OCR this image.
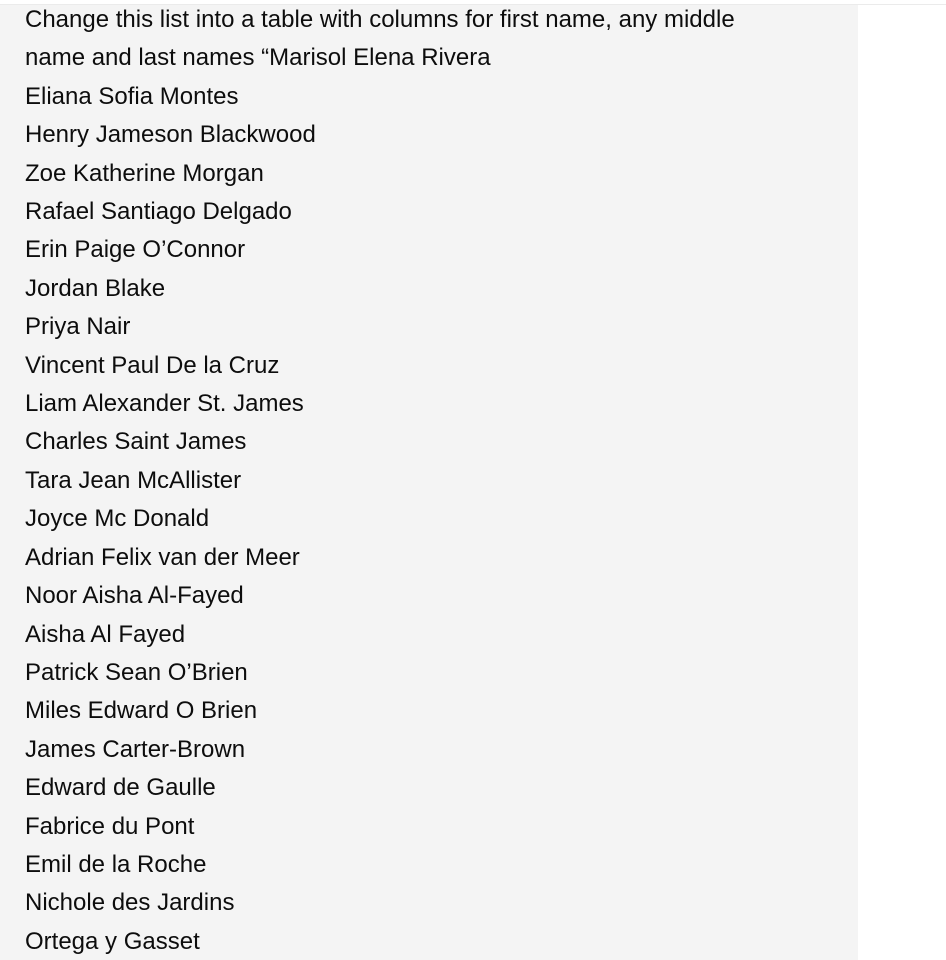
Change this list into a table with columns for first name, any middle
name and last names “Marisol Elena Rivera
Eliana Sofia Montes
Henry Jameson Blackwood
Zoe Katherine Morgan
Rafael Santiago Delgado
Erin Paige O’Connor
Jordan Blake
Priya Nair
Vincent Paul De la Cruz
Liam Alexander St. James
Charles Saint James
Tara Jean McAllister
Joyce Mc Donald
Adrian Felix van der Meer
Noor Aisha Al-Fayed
Aisha Al Fayed
Patrick Sean O’Brien
Miles Edward O Brien
James Carter-Brown
Edward de Gaulle
Fabrice du Pont
Emil de la Roche
Nichole des Jardins
Ortega y Gasset
